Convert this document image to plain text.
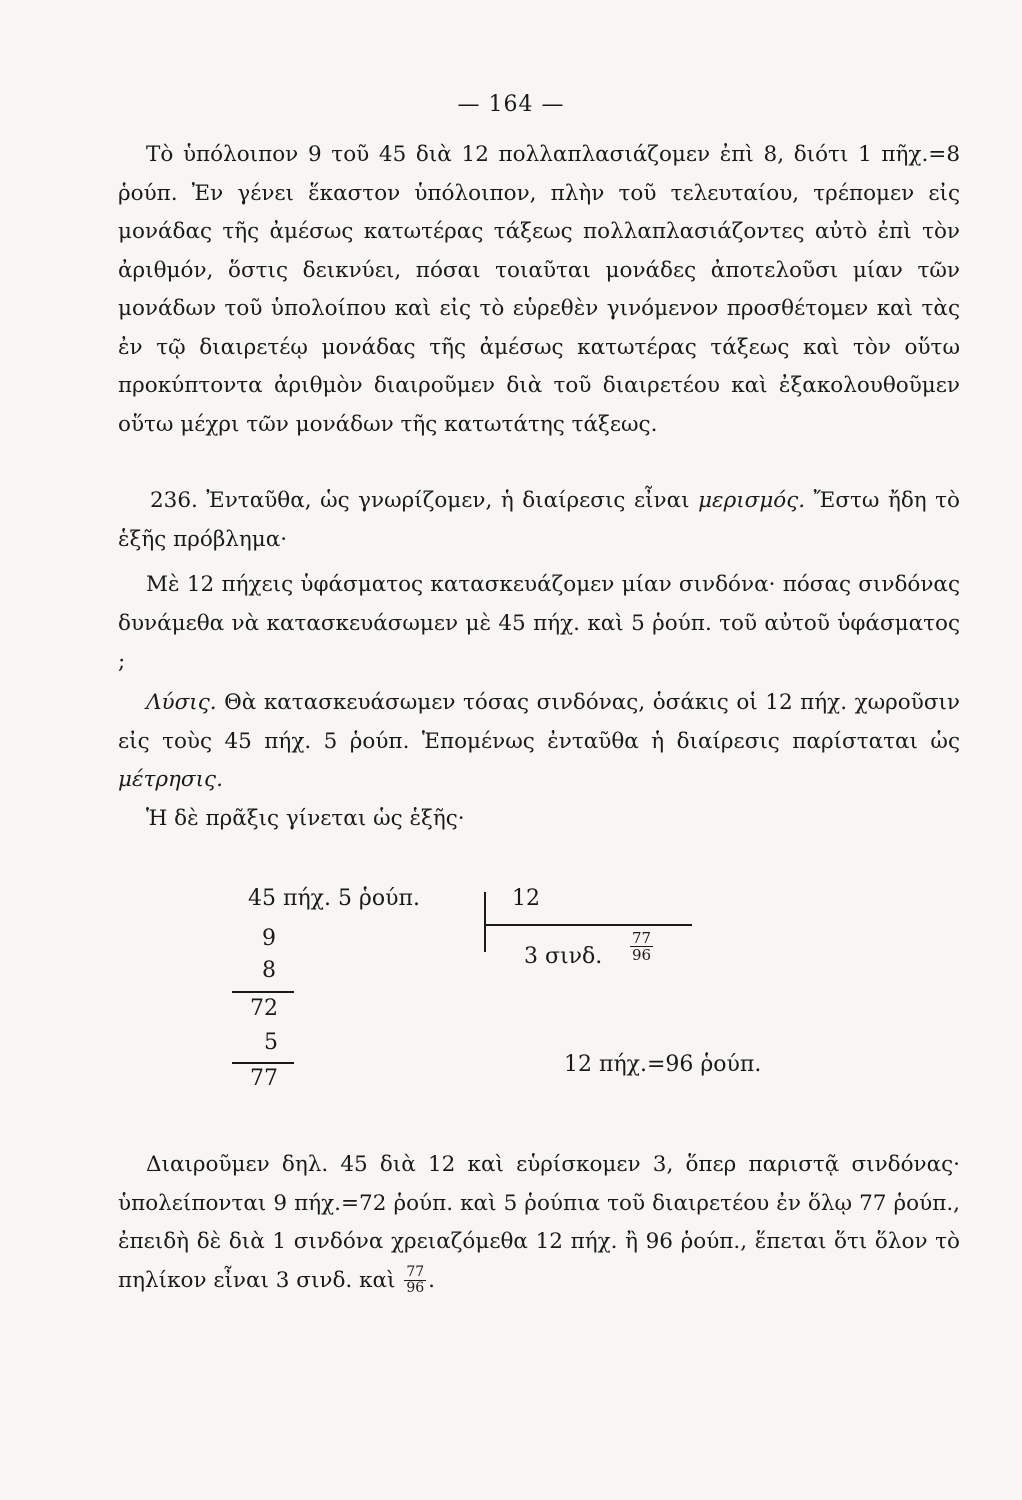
— 164 —

Τὸ ὑπόλοιπον 9 τοῦ 45 διὰ 12 πολλαπλασιάζομεν ἐπὶ 8, διότι 1 πῆχ.=8 ῥούπ. Ἐν γένει ἕκαστον ὑπόλοιπον, πλὴν τοῦ τελευταίου, τρέπομεν εἰς μονάδας τῆς ἀμέσως κατωτέρας τάξεως πολλαπλασιάζοντες αὐτὸ ἐπὶ τὸν ἀριθμόν, ὅστις δεικνύει, πόσαι τοιαῦται μονάδες ἀποτελοῦσι μίαν τῶν μονάδων τοῦ ὑπολοίπου καὶ εἰς τὸ εὑρεθὲν γινόμενον προσθέτομεν καὶ τὰς ἐν τῷ διαιρετέῳ μονάδας τῆς ἀμέσως κατωτέρας τάξεως καὶ τὸν οὕτω προκύπτοντα ἀριθμὸν διαιροῦμεν διὰ τοῦ διαιρετέου καὶ ἐξακολουθοῦμεν οὕτω μέχρι τῶν μονάδων τῆς κατωτάτης τάξεως.

236. Ἐνταῦθα, ὡς γνωρίζομεν, ἡ διαίρεσις εἶναι μερισμός. Ἔστω ἤδη τὸ ἑξῆς πρόβλημα·

Μὲ 12 πήχεις ὑφάσματος κατασκευάζομεν μίαν σινδόνα· πόσας σινδόνας δυνάμεθα νὰ κατασκευάσωμεν μὲ 45 πήχ. καὶ 5 ῥούπ. τοῦ αὐτοῦ ὑφάσματος ;

Λύσις. Θὰ κατασκευάσωμεν τόσας σινδόνας, ὁσάκις οἱ 12 πήχ. χωροῦσιν εἰς τοὺς 45 πήχ. 5 ῥούπ. Ἑπομένως ἐνταῦθα ἡ διαίρεσις παρίσταται ὡς μέτρησις.

Ἡ δὲ πρᾶξις γίνεται ὡς ἑξῆς·

45 πήχ. 5 ῥούπ.	12
3 σινδ. $\frac{77}{96}$
9
8
72
5
77
12 πήχ.=96 ῥούπ.

Διαιροῦμεν δηλ. 45 διὰ 12 καὶ εὑρίσκομεν 3, ὅπερ παριστᾷ σινδόνας· ὑπολείπονται 9 πήχ.=72 ῥούπ. καὶ 5 ῥούπια τοῦ διαιρετέου ἐν ὅλῳ 77 ῥούπ., ἐπειδὴ δὲ διὰ 1 σινδόνα χρειαζόμεθα 12 πήχ. ἢ 96 ῥούπ., ἕπεται ὅτι ὅλον τὸ πηλίκον εἶναι 3 σινδ. καὶ $\frac{77}{96}$ .
